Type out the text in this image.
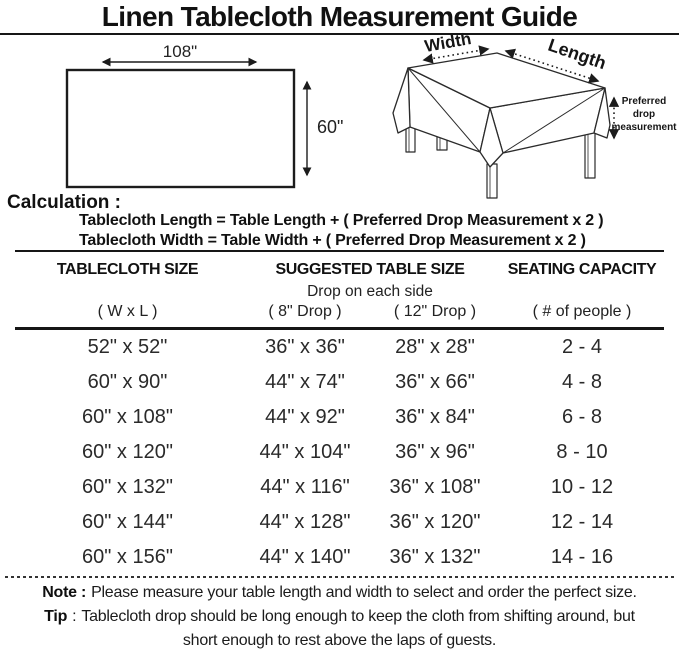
Linen Tablecloth Measurement Guide
108"
60"
Width	Length
Preferred
drop
measurement
Calculation :
Tablecloth Length = Table Length + ( Preferred Drop Measurement x 2 )
Tablecloth Width = Table Width + ( Preferred Drop Measurement x 2 )
TABLECLOTH SIZE	SUGGESTED TABLE SIZE		SEATING CAPACITY
	Drop on each side		
( W x L )	( 8" Drop )	( 12" Drop )	( # of people )
52" x 52"	36" x 36"	28" x 28"	2 - 4
60" x 90"	44" x 74"	36" x 66"	4 - 8
60" x 108"	44" x 92"	36" x 84"	6 - 8
60" x 120"	44" x 104"	36" x 96"	8 - 10
60" x 132"	44" x 116"	36" x 108"	10 - 12
60" x 144"	44" x 128"	36" x 120"	12 - 14
60" x 156"	44" x 140"	36" x 132"	14 - 16
Note : Please measure your table length and width to select and order the perfect size.
Tip : Tablecloth drop should be long enough to keep the cloth from shifting around, but
short enough to rest above the laps of guests.
